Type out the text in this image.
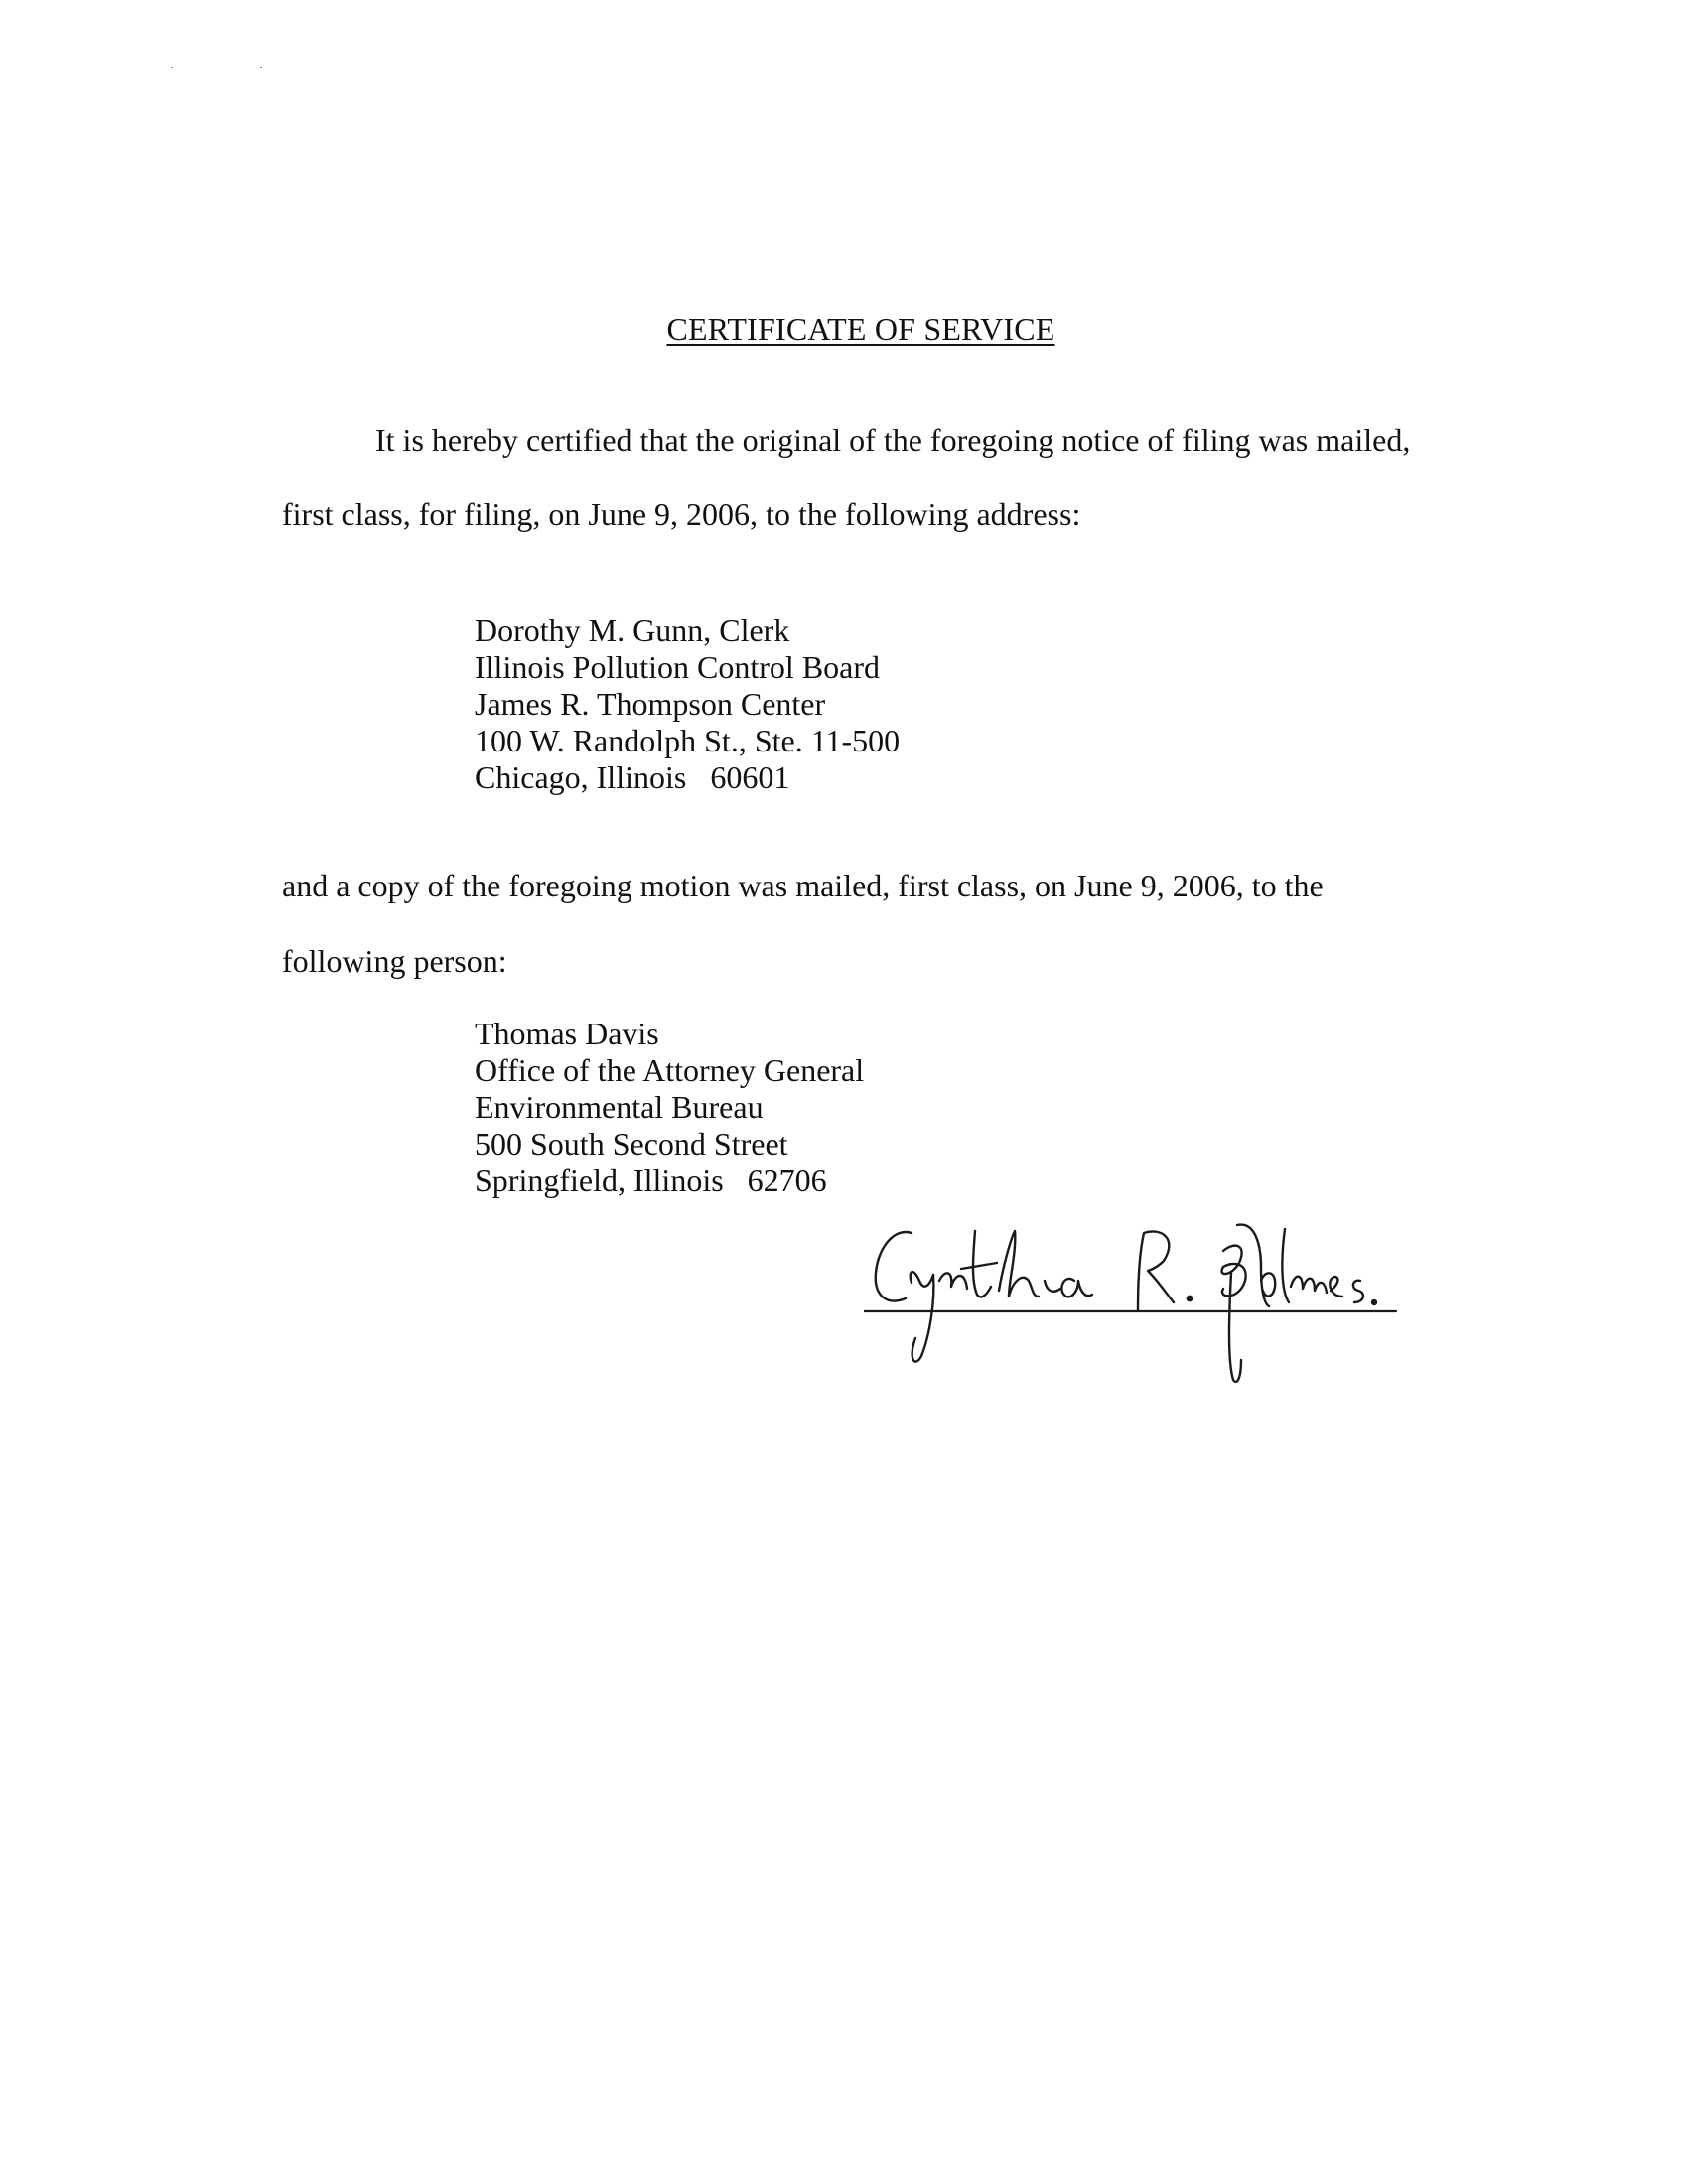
CERTIFICATE OF SERVICE
It is hereby certified that the original of the foregoing notice of filing was mailed,
first class, for filing, on June 9, 2006, to the following address:
Dorothy M. Gunn, Clerk
Illinois Pollution Control Board
James R. Thompson Center
100 W. Randolph St., Ste. 11-500
Chicago, Illinois   60601
and a copy of the foregoing motion was mailed, first class, on June 9, 2006, to the
following person:
Thomas Davis
Office of the Attorney General
Environmental Bureau
500 South Second Street
Springfield, Illinois   62706
